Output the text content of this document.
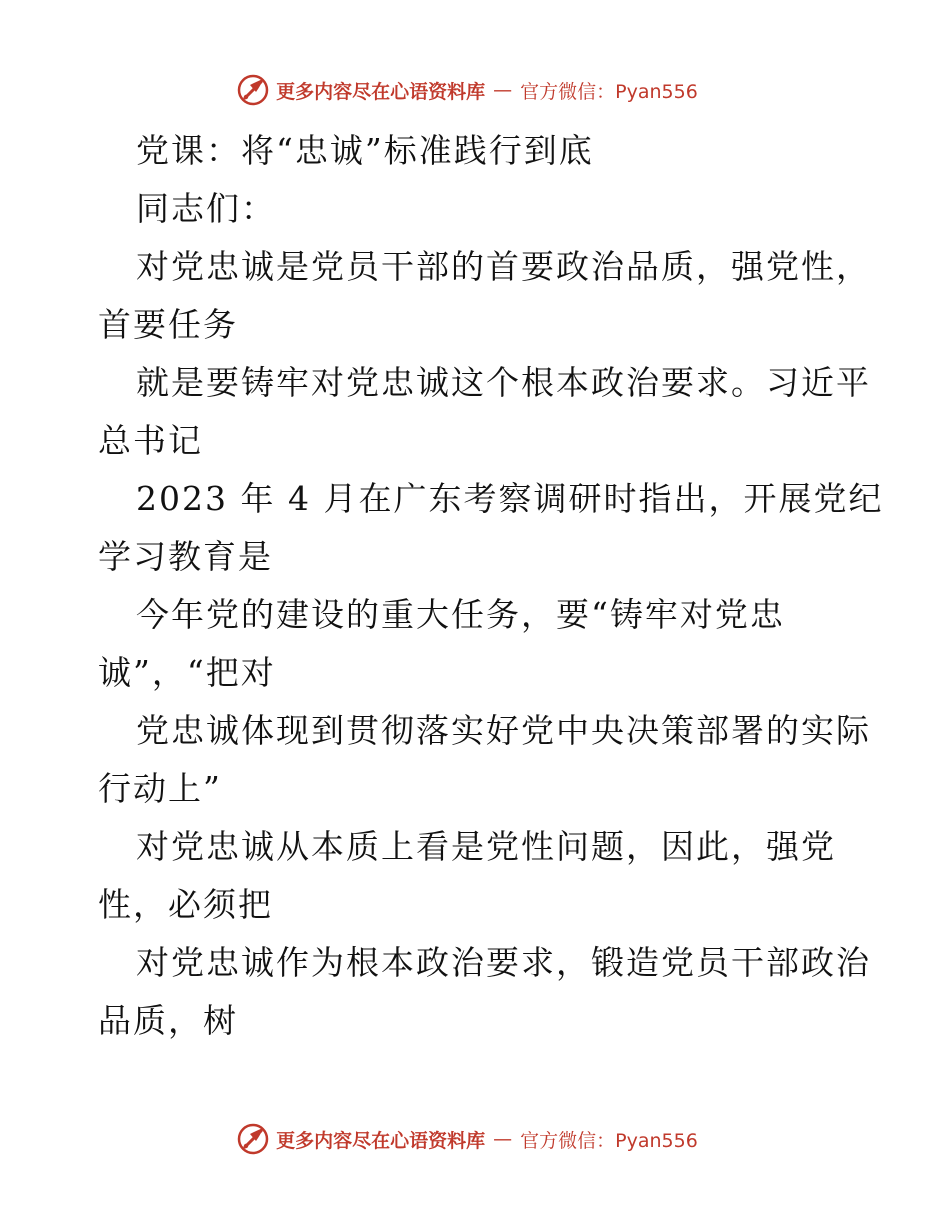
更多内容尽在心语资料库 — 官方微信：Pyan556
党课：将“忠诚”标准践行到底
同志们：
对党忠诚是党员干部的首要政治品质，强党性，
首要任务
就是要铸牢对党忠诚这个根本政治要求。习近平
总书记
2023 年 4 月在广东考察调研时指出，开展党纪
学习教育是
今年党的建设的重大任务，要“铸牢对党忠
诚”，“把对
党忠诚体现到贯彻落实好党中央决策部署的实际
行动上”
对党忠诚从本质上看是党性问题，因此，强党
性，必须把
对党忠诚作为根本政治要求，锻造党员干部政治
品质，树
更多内容尽在心语资料库 — 官方微信：Pyan556
